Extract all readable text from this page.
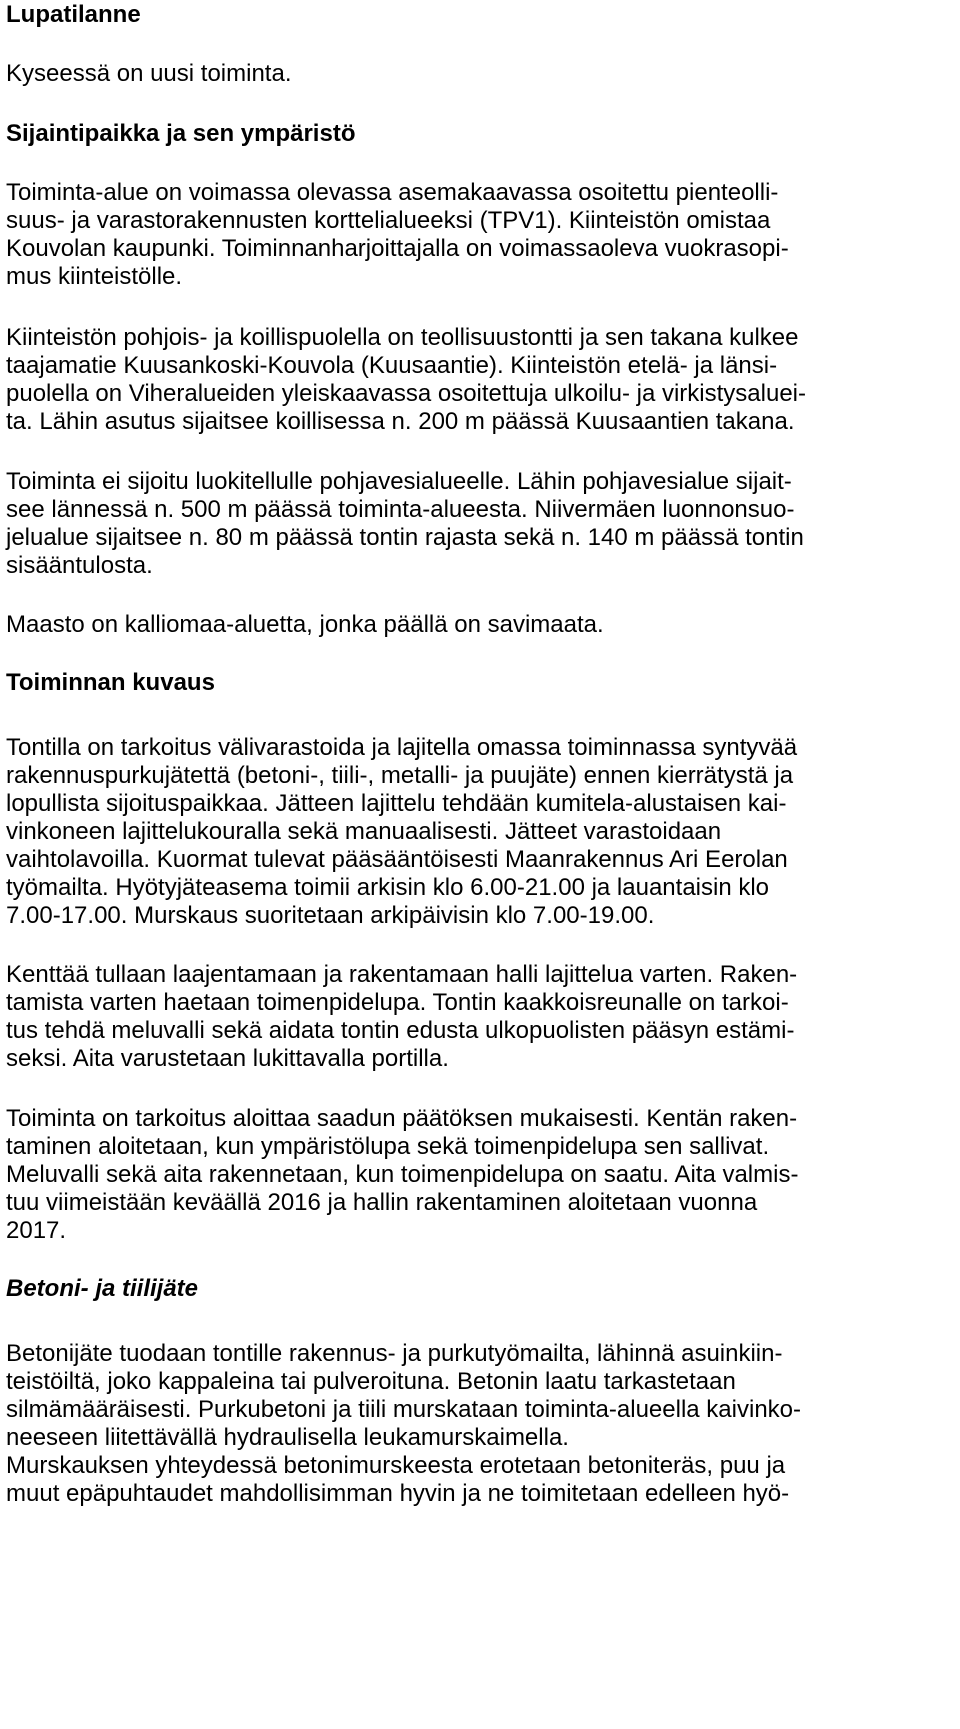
Lupatilanne
Kyseessä on uusi toiminta.
Sijaintipaikka ja sen ympäristö
Toiminta-alue on voimassa olevassa asemakaavassa osoitettu pienteolli-
suus- ja varastorakennusten korttelialueeksi (TPV1). Kiinteistön omistaa
Kouvolan kaupunki. Toiminnanharjoittajalla on voimassaoleva vuokrasopi-
mus kiinteistölle.
Kiinteistön pohjois- ja koillispuolella on teollisuustontti ja sen takana kulkee
taajamatie Kuusankoski-Kouvola (Kuusaantie). Kiinteistön etelä- ja länsi-
puolella on Viheralueiden yleiskaavassa osoitettuja ulkoilu- ja virkistysaluei-
ta. Lähin asutus sijaitsee koillisessa n. 200 m päässä Kuusaantien takana.
Toiminta ei sijoitu luokitellulle pohjavesialueelle. Lähin pohjavesialue sijait-
see lännessä n. 500 m päässä toiminta-alueesta. Niivermäen luonnonsuo-
jelualue sijaitsee n. 80 m päässä tontin rajasta sekä n. 140 m päässä tontin
sisääntulosta.
Maasto on kalliomaa-aluetta, jonka päällä on savimaata.
Toiminnan kuvaus
Tontilla on tarkoitus välivarastoida ja lajitella omassa toiminnassa syntyvää
rakennuspurkujätettä (betoni-, tiili-, metalli- ja puujäte) ennen kierrätystä ja
lopullista sijoituspaikkaa. Jätteen lajittelu tehdään kumitela-alustaisen kai-
vinkoneen lajittelukouralla sekä manuaalisesti. Jätteet varastoidaan
vaihtolavoilla. Kuormat tulevat pääsääntöisesti Maanrakennus Ari Eerolan
työmailta. Hyötyjäteasema toimii arkisin klo 6.00-21.00 ja lauantaisin klo
7.00-17.00. Murskaus suoritetaan arkipäivisin klo 7.00-19.00.
Kenttää tullaan laajentamaan ja rakentamaan halli lajittelua varten. Raken-
tamista varten haetaan toimenpidelupa. Tontin kaakkoisreunalle on tarkoi-
tus tehdä meluvalli sekä aidata tontin edusta ulkopuolisten pääsyn estämi-
seksi. Aita varustetaan lukittavalla portilla.
Toiminta on tarkoitus aloittaa saadun päätöksen mukaisesti. Kentän raken-
taminen aloitetaan, kun ympäristölupa sekä toimenpidelupa sen sallivat.
Meluvalli sekä aita rakennetaan, kun toimenpidelupa on saatu. Aita valmis-
tuu viimeistään keväällä 2016 ja hallin rakentaminen aloitetaan vuonna
2017.
Betoni- ja tiilijäte
Betonijäte tuodaan tontille rakennus- ja purkutyömailta, lähinnä asuinkiin-
teistöiltä, joko kappaleina tai pulveroituna. Betonin laatu tarkastetaan
silmämääräisesti. Purkubetoni ja tiili murskataan toiminta-alueella kaivinko-
neeseen liitettävällä hydraulisella leukamurskaimella.
Murskauksen yhteydessä betonimurskeesta erotetaan betoniteräs, puu ja
muut epäpuhtaudet mahdollisimman hyvin ja ne toimitetaan edelleen hyö-
